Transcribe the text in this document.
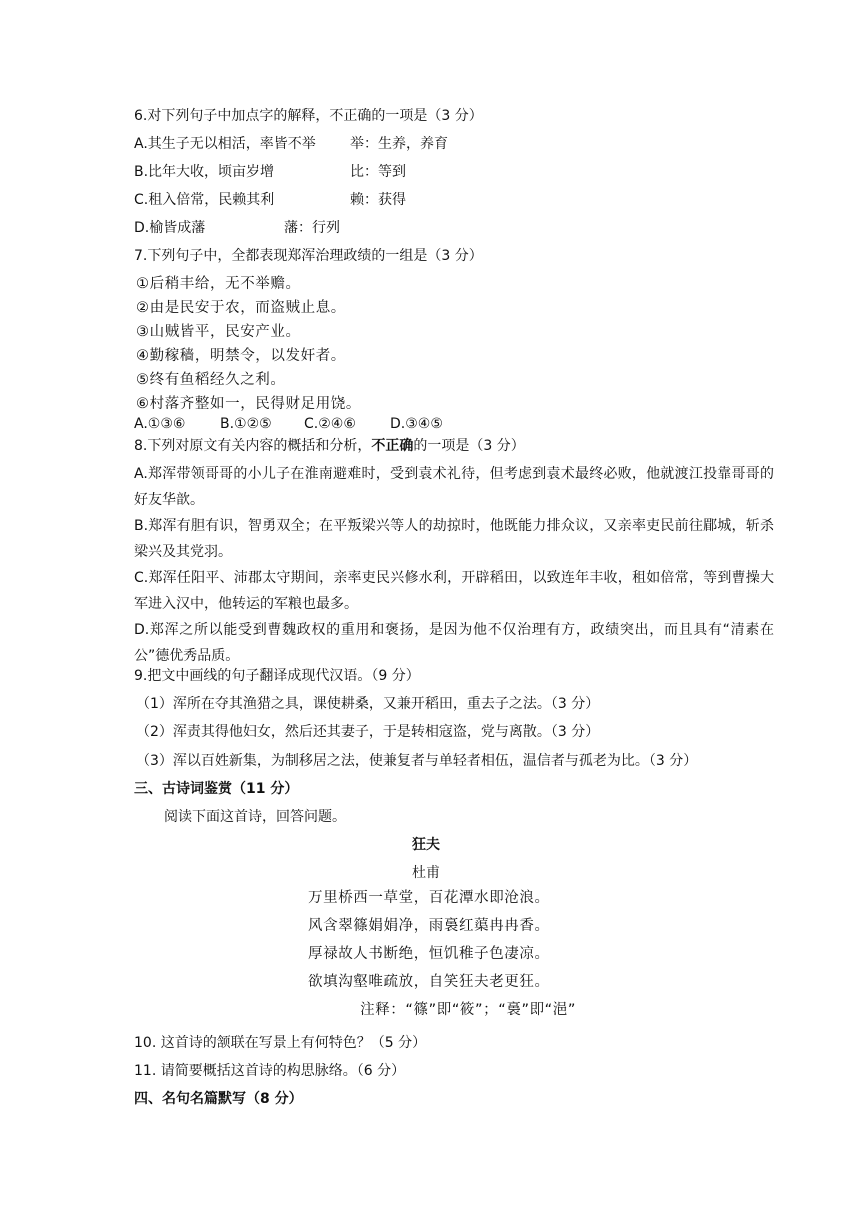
6.对下列句子中加点字的解释，不正确的一项是（3 分）
A.其生子无以相活，率皆不举 举：生养，养育
B.比年大收，顷亩岁增	比：等到
C.租入倍常，民赖其利	赖：获得
D.榆皆成藩	藩：行列
7.下列句子中，全都表现郑浑治理政绩的一组是（3 分）
①后稍丰给，无不举赡。
②由是民安于农，而盗贼止息。
③山贼皆平，民安产业。
④勤稼穑，明禁令，以发奸者。
⑤终有鱼稻经久之利。
⑥村落齐整如一，民得财足用饶。
A.①③⑥ B.①②⑤ C.②④⑥ D.③④⑤
8.下列对原文有关内容的概括和分析，不正确的一项是（3 分）
A.郑浑带领哥哥的小儿子在淮南避难时，受到袁术礼待，但考虑到袁术最终必败，他就渡江投靠哥哥的好友华歆。
B.郑浑有胆有识，智勇双全；在平叛梁兴等人的劫掠时，他既能力排众议，又亲率吏民前往郿城，斩杀梁兴及其党羽。
C.郑浑任阳平、沛郡太守期间，亲率吏民兴修水利，开辟稻田，以致连年丰收，租如倍常，等到曹操大军进入汉中，他转运的军粮也最多。
D.郑浑之所以能受到曹魏政权的重用和褒扬，是因为他不仅治理有方，政绩突出，而且具有“清素在公”德优秀品质。
9.把文中画线的句子翻译成现代汉语。（9 分）
（1）浑所在夺其渔猎之具，课使耕桑，又兼开稻田，重去子之法。（3 分）
（2）浑责其得他妇女，然后还其妻子，于是转相寇盗，党与离散。（3 分）
（3）浑以百姓新集，为制移居之法，使兼复者与单轻者相伍，温信者与孤老为比。（3 分）
三、古诗词鉴赏（11 分）
阅读下面这首诗，回答问题。
狂夫
杜甫
万里桥西一草堂，百花潭水即沧浪。
风含翠篠娟娟净，雨裛红蕖冉冉香。
厚禄故人书断绝，恒饥稚子色凄凉。
欲填沟壑唯疏放，自笑狂夫老更狂。
注释：“篠”即“筱”；“裛”即“浥”
10. 这首诗的颔联在写景上有何特色？（5 分）
11. 请简要概括这首诗的构思脉络。（6 分）
四、名句名篇默写（8 分）
